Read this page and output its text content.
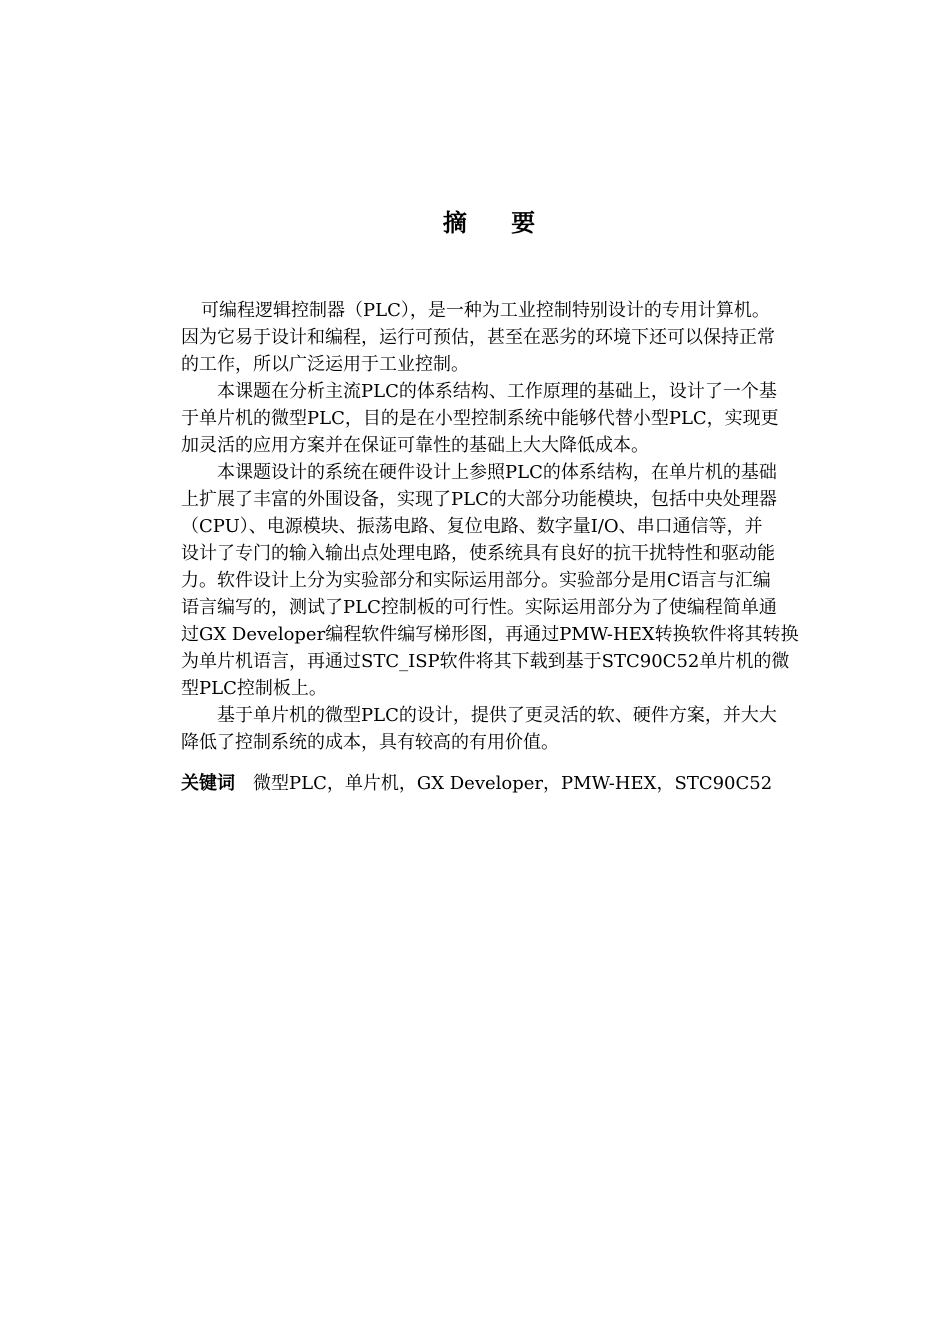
摘 要
可编程逻辑控制器（PLC），是一种为工业控制特别设计的专用计算机。
因为它易于设计和编程，运行可预估，甚至在恶劣的环境下还可以保持正常
的工作，所以广泛运用于工业控制。
本课题在分析主流PLC的体系结构、工作原理的基础上，设计了一个基
于单片机的微型PLC，目的是在小型控制系统中能够代替小型PLC，实现更
加灵活的应用方案并在保证可靠性的基础上大大降低成本。
本课题设计的系统在硬件设计上参照PLC的体系结构，在单片机的基础
上扩展了丰富的外围设备，实现了PLC的大部分功能模块，包括中央处理器
（CPU）、电源模块、振荡电路、复位电路、数字量I/O、串口通信等，并
设计了专门的输入输出点处理电路，使系统具有良好的抗干扰特性和驱动能
力。软件设计上分为实验部分和实际运用部分。实验部分是用C语言与汇编
语言编写的，测试了PLC控制板的可行性。实际运用部分为了使编程简单通
过GX Developer编程软件编写梯形图，再通过PMW-HEX转换软件将其转换
为单片机语言，再通过STC_ISP软件将其下载到基于STC90C52单片机的微
型PLC控制板上。
基于单片机的微型PLC的设计，提供了更灵活的软、硬件方案，并大大
降低了控制系统的成本，具有较高的有用价值。
关键词 微型PLC，单片机，GX Developer，PMW-HEX，STC90C52
